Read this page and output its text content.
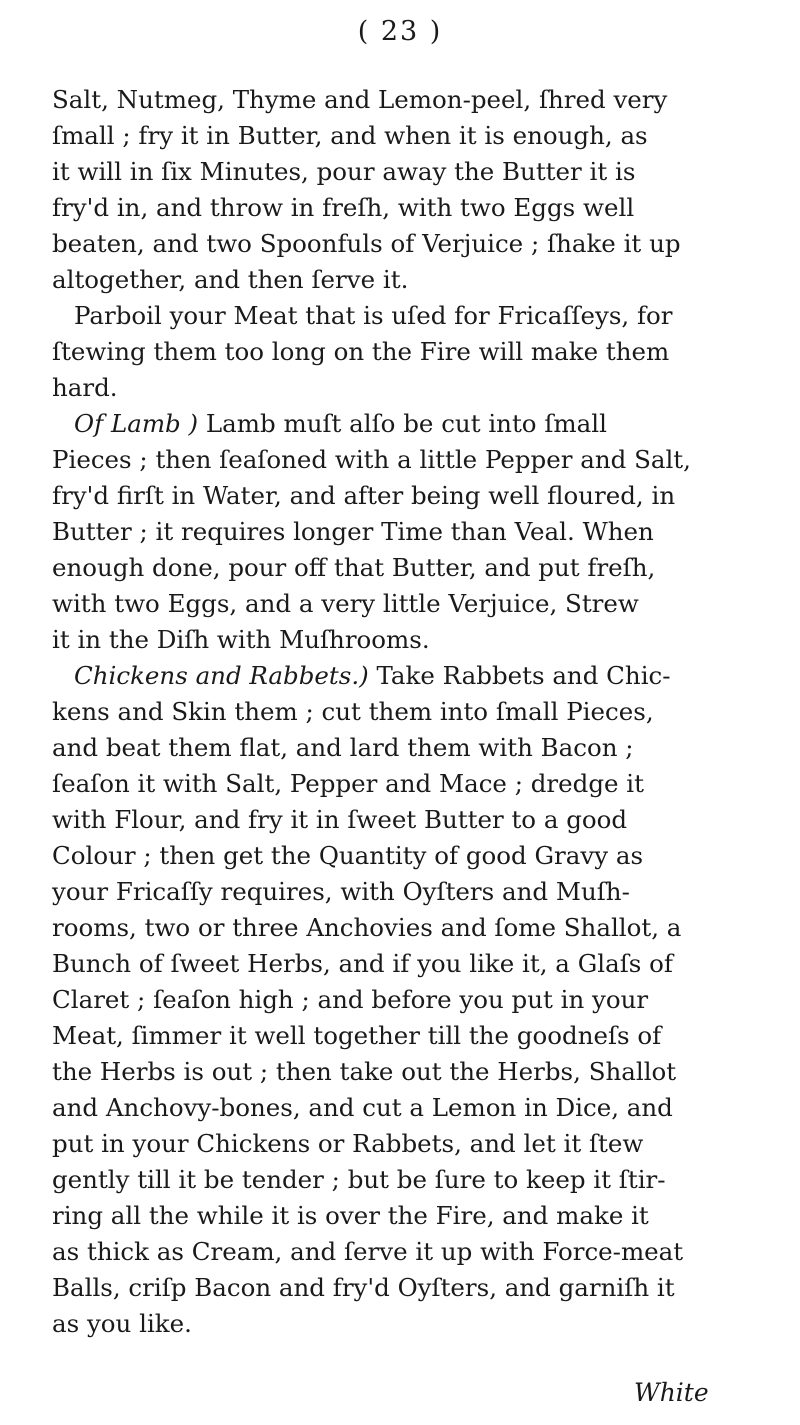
( 23 )
Salt, Nutmeg, Thyme and Lemon-peel, ſhred very
ſmall ; fry it in Butter, and when it is enough, as
it will in ſix Minutes, pour away the Butter it is
fry'd in, and throw in freſh, with two Eggs well
beaten, and two Spoonfuls of Verjuice ; ſhake it up
altogether, and then ſerve it.
Parboil your Meat that is uſed for Fricaſſeys, for
ſtewing them too long on the Fire will make them
hard.
Of Lamb ) Lamb muſt alſo be cut into ſmall
Pieces ; then ſeaſoned with a little Pepper and Salt,
fry'd firſt in Water, and after being well floured, in
Butter ; it requires longer Time than Veal. When
enough done, pour off that Butter, and put freſh,
with two Eggs, and a very little Verjuice, Strew
it in the Diſh with Muſhrooms.
Chickens and Rabbets.) Take Rabbets and Chic-
kens and Skin them ; cut them into ſmall Pieces,
and beat them flat, and lard them with Bacon ;
ſeaſon it with Salt, Pepper and Mace ; dredge it
with Flour, and fry it in ſweet Butter to a good
Colour ; then get the Quantity of good Gravy as
your Fricaſſy requires, with Oyſters and Muſh-
rooms, two or three Anchovies and ſome Shallot, a
Bunch of ſweet Herbs, and if you like it, a Glaſs of
Claret ; ſeaſon high ; and before you put in your
Meat, ſimmer it well together till the goodneſs of
the Herbs is out ; then take out the Herbs, Shallot
and Anchovy-bones, and cut a Lemon in Dice, and
put in your Chickens or Rabbets, and let it ſtew
gently till it be tender ; but be ſure to keep it ſtir-
ring all the while it is over the Fire, and make it
as thick as Cream, and ſerve it up with Force-meat
Balls, criſp Bacon and fry'd Oyſters, and garniſh it
as you like.
White
